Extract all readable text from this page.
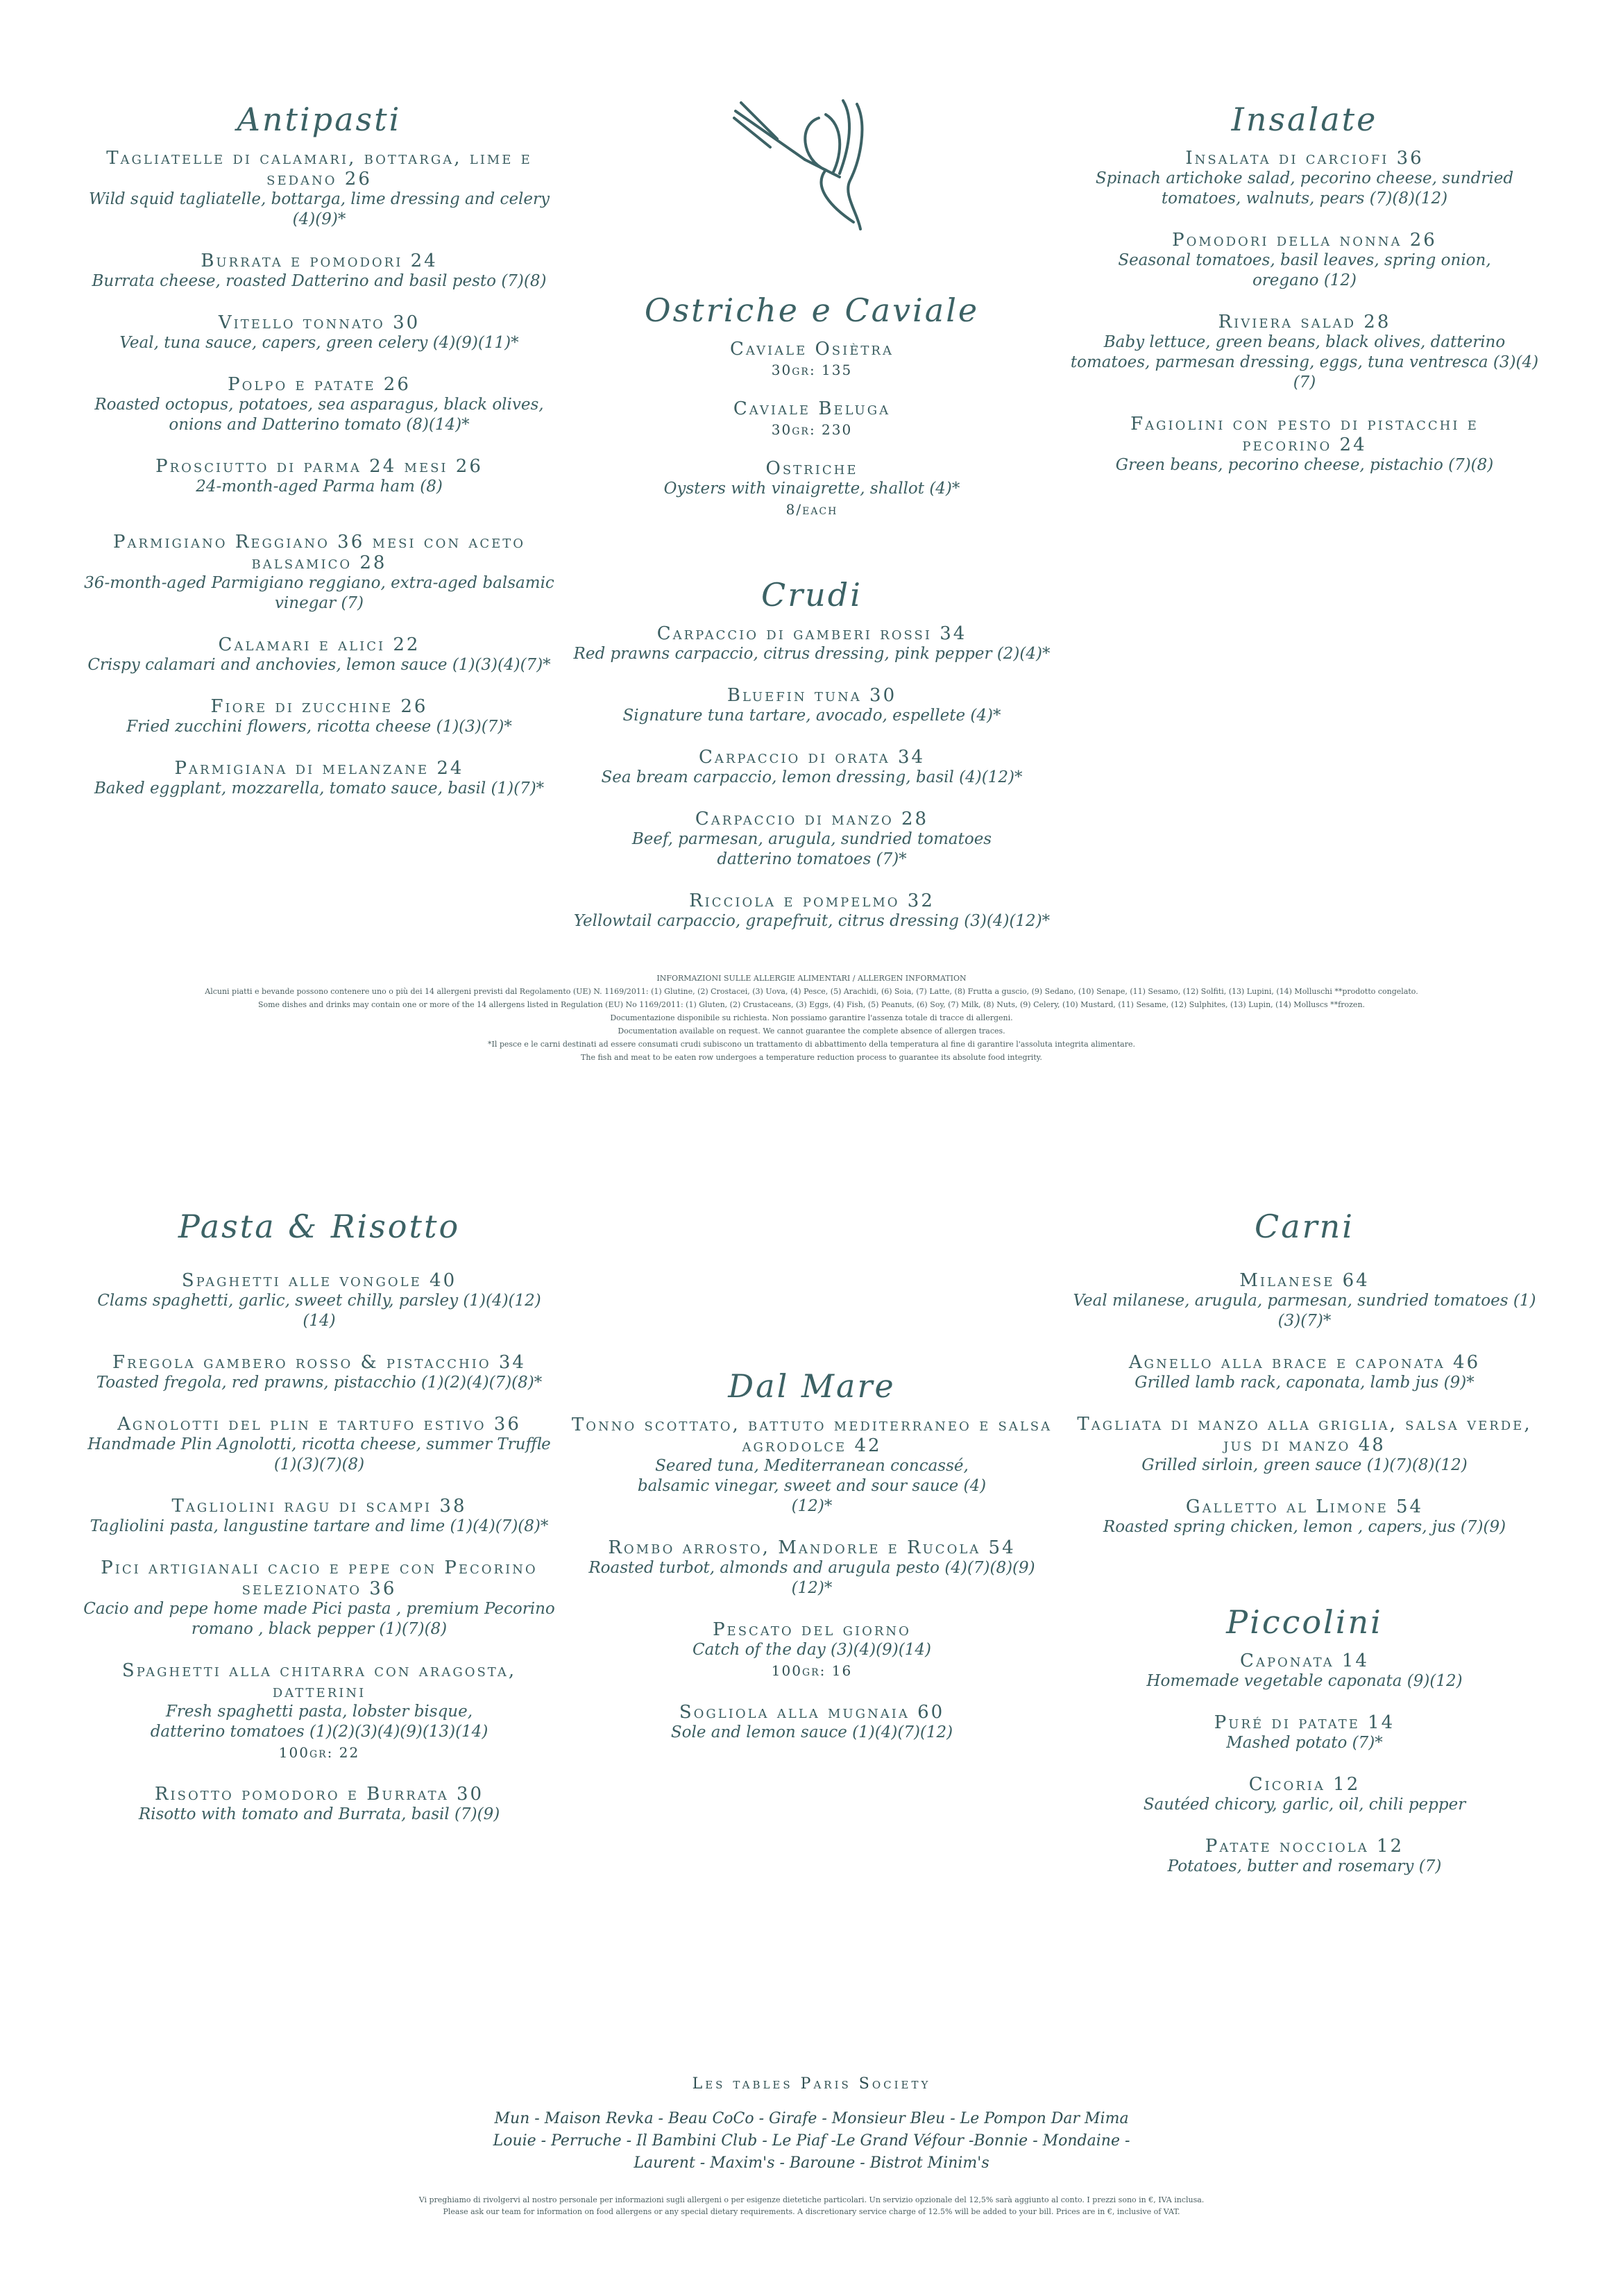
Antipasti
Tagliatelle di calamari, bottarga, lime e sedano 26
Wild squid tagliatelle, bottarga, lime dressing and celery (4)(9)*
Burrata e pomodori 24
Burrata cheese, roasted Datterino and basil pesto (7)(8)
Vitello tonnato 30
Veal, tuna sauce, capers, green celery (4)(9)(11)*
Polpo e patate 26
Roasted octopus, potatoes, sea asparagus, black olives, onions and Datterino tomato (8)(14)*
Prosciutto di parma 24 mesi 26
24-month-aged Parma ham (8)
Parmigiano Reggiano 36 mesi con aceto balsamico 28
36-month-aged Parmigiano reggiano, extra-aged balsamic vinegar (7)
Calamari e alici 22
Crispy calamari and anchovies, lemon sauce (1)(3)(4)(7)*
Fiore di zucchine 26
Fried zucchini flowers, ricotta cheese (1)(3)(7)*
Parmigiana di melanzane 24
Baked eggplant, mozzarella, tomato sauce, basil (1)(7)*
Ostriche e Caviale
Caviale Osiètra
30gr: 135
Caviale Beluga
30gr: 230
Ostriche
Oysters with vinaigrette, shallot (4)*
8/each
Crudi
Carpaccio di gamberi rossi 34
Red prawns carpaccio, citrus dressing, pink pepper (2)(4)*
Bluefin tuna 30
Signature tuna tartare, avocado, espellete (4)*
Carpaccio di orata 34
Sea bream carpaccio, lemon dressing, basil (4)(12)*
Carpaccio di manzo 28
Beef, parmesan, arugula, sundried tomatoes datterino tomatoes (7)*
Ricciola e pompelmo 32
Yellowtail carpaccio, grapefruit, citrus dressing (3)(4)(12)*
Insalate
Insalata di carciofi 36
Spinach artichoke salad, pecorino cheese, sundried tomatoes, walnuts, pears (7)(8)(12)
Pomodori della nonna 26
Seasonal tomatoes, basil leaves, spring onion, oregano (12)
Riviera salad 28
Baby lettuce, green beans, black olives, datterino tomatoes, parmesan dressing, eggs, tuna ventresca (3)(4)(7)
Fagiolini con pesto di pistacchi e pecorino 24
Green beans, pecorino cheese, pistachio (7)(8)
INFORMAZIONI SULLE ALLERGIE ALIMENTARI / ALLERGEN INFORMATION
Alcuni piatti e bevande possono contenere uno o più dei 14 allergeni previsti dal Regolamento (UE) N. 1169/2011: (1) Glutine, (2) Crostacei, (3) Uova, (4) Pesce, (5) Arachidi, (6) Soia, (7) Latte, (8) Frutta a guscio, (9) Sedano, (10) Senape, (11) Sesamo, (12) Solfiti, (13) Lupini, (14) Molluschi **prodotto congelato.
Some dishes and drinks may contain one or more of the 14 allergens listed in Regulation (EU) No 1169/2011: (1) Gluten, (2) Crustaceans, (3) Eggs, (4) Fish, (5) Peanuts, (6) Soy, (7) Milk, (8) Nuts, (9) Celery, (10) Mustard, (11) Sesame, (12) Sulphites, (13) Lupin, (14) Molluscs **frozen.
Documentazione disponibile su richiesta. Non possiamo garantire l'assenza totale di tracce di allergeni.
Documentation available on request. We cannot guarantee the complete absence of allergen traces.
*Il pesce e le carni destinati ad essere consumati crudi subiscono un trattamento di abbattimento della temperatura al fine di garantire l'assoluta integrita alimentare.
The fish and meat to be eaten row undergoes a temperature reduction process to guarantee its absolute food integrity.
Pasta & Risotto
Spaghetti alle vongole 40
Clams spaghetti, garlic, sweet chilly, parsley (1)(4)(12) (14)
Fregola gambero rosso & pistacchio 34
Toasted fregola, red prawns, pistacchio (1)(2)(4)(7)(8)*
Agnolotti del plin e tartufo estivo 36
Handmade Plin Agnolotti, ricotta cheese, summer Truffle (1)(3)(7)(8)
Tagliolini ragu di scampi 38
Tagliolini pasta, langustine tartare and lime (1)(4)(7)(8)*
Pici artigianali cacio e pepe con Pecorino selezionato 36
Cacio and pepe home made Pici pasta , premium Pecorino romano , black pepper (1)(7)(8)
Spaghetti alla chitarra con aragosta, datterini
Fresh spaghetti pasta, lobster bisque, datterino tomatoes (1)(2)(3)(4)(9)(13)(14)
100gr: 22
Risotto pomodoro e Burrata 30
Risotto with tomato and Burrata, basil (7)(9)
Dal Mare
Tonno scottato, battuto mediterraneo e salsa agrodolce 42
Seared tuna, Mediterranean concassé, balsamic vinegar, sweet and sour sauce (4)(12)*
Rombo arrosto, Mandorle e Rucola 54
Roasted turbot, almonds and arugula pesto (4)(7)(8)(9)(12)*
Pescato del giorno
Catch of the day (3)(4)(9)(14)
100gr: 16
Sogliola alla mugnaia 60
Sole and lemon sauce (1)(4)(7)(12)
Carni
Milanese 64
Veal milanese, arugula, parmesan, sundried tomatoes (1)(3)(7)*
Agnello alla brace e caponata 46
Grilled lamb rack, caponata, lamb jus (9)*
Tagliata di manzo alla griglia, salsa verde, jus di manzo 48
Grilled sirloin, green sauce (1)(7)(8)(12)
Galletto al Limone 54
Roasted spring chicken, lemon , capers, jus (7)(9)
Piccolini
Caponata 14
Homemade vegetable caponata (9)(12)
Puré di patate 14
Mashed potato (7)*
Cicoria 12
Sautéed chicory, garlic, oil, chili pepper
Patate nocciola 12
Potatoes, butter and rosemary (7)
Les tables Paris Society
Mun - Maison Revka - Beau CoCo - Girafe - Monsieur Bleu - Le Pompon Dar Mima
Louie - Perruche - Il Bambini Club - Le Piaf -Le Grand Véfour -Bonnie - Mondaine -
Laurent - Maxim's - Baroune - Bistrot Minim's
Vi preghiamo di rivolgervi al nostro personale per informazioni sugli allergeni o per esigenze dietetiche particolari. Un servizio opzionale del 12,5% sarà aggiunto al conto. I prezzi sono in €, IVA inclusa.
Please ask our team for information on food allergens or any special dietary requirements. A discretionary service charge of 12.5% will be added to your bill. Prices are in €, inclusive of VAT.
